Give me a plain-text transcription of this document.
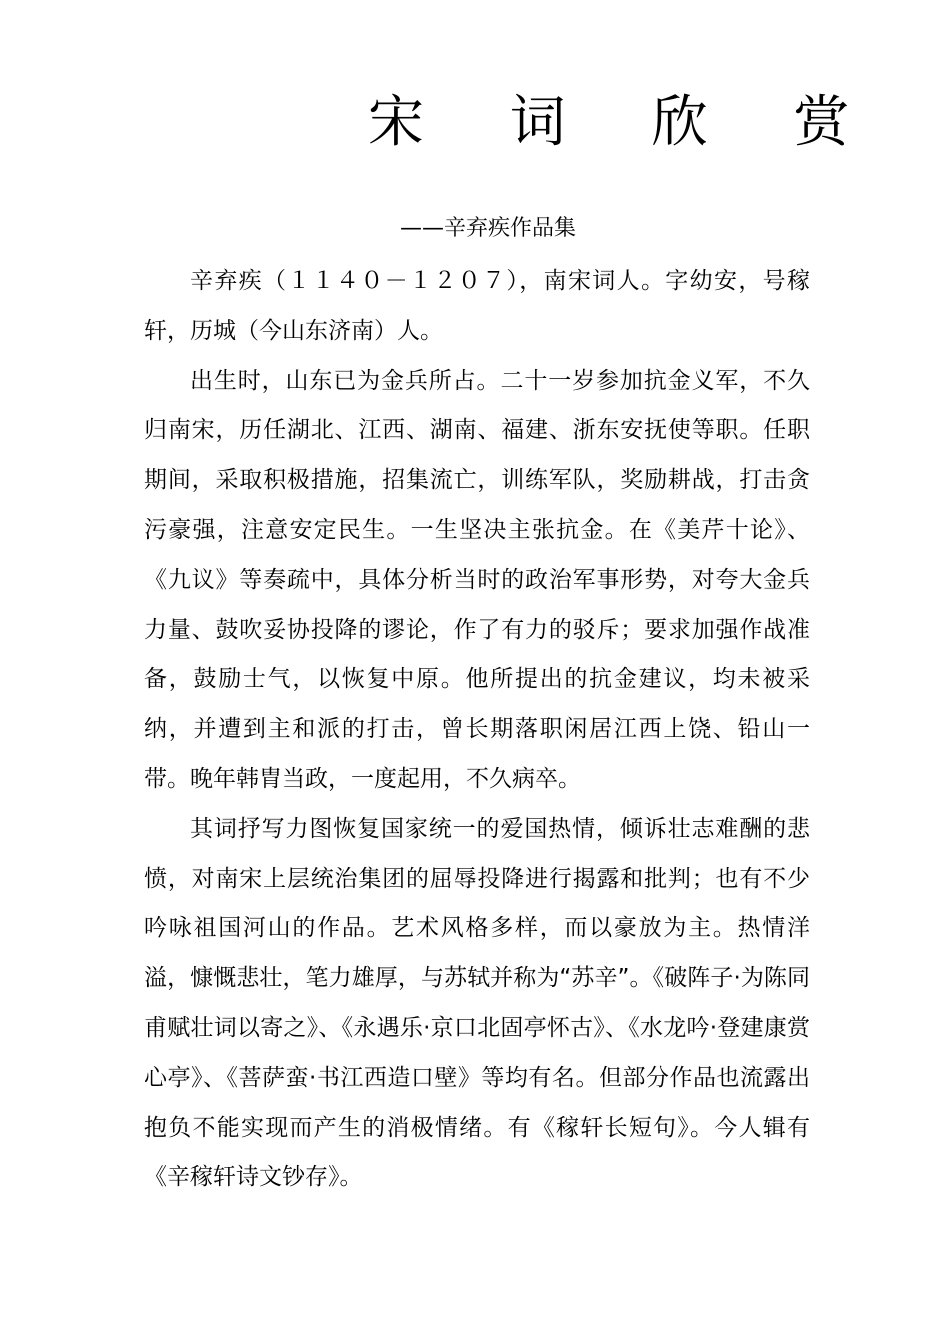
宋 词 欣 赏
——辛弃疾作品集

辛弃疾（１１４０－１２０７），南宋词人。字幼安，号稼轩，历城（今山东济南）人。

出生时，山东已为金兵所占。二十一岁参加抗金义军，不久归南宋，历任湖北、江西、湖南、福建、浙东安抚使等职。任职期间，采取积极措施，招集流亡，训练军队，奖励耕战，打击贪污豪强，注意安定民生。一生坚决主张抗金。在《美芹十论》、《九议》等奏疏中，具体分析当时的政治军事形势，对夸大金兵力量、鼓吹妥协投降的谬论，作了有力的驳斥；要求加强作战准备，鼓励士气，以恢复中原。他所提出的抗金建议，均未被采纳，并遭到主和派的打击，曾长期落职闲居江西上饶、铅山一带。晚年韩胄当政，一度起用，不久病卒。

其词抒写力图恢复国家统一的爱国热情，倾诉壮志难酬的悲愤，对南宋上层统治集团的屈辱投降进行揭露和批判；也有不少吟咏祖国河山的作品。艺术风格多样，而以豪放为主。热情洋溢，慷慨悲壮，笔力雄厚，与苏轼并称为“苏辛”。《破阵子·为陈同甫赋壮词以寄之》、《永遇乐·京口北固亭怀古》、《水龙吟·登建康赏心亭》、《菩萨蛮·书江西造口壁》等均有名。但部分作品也流露出抱负不能实现而产生的消极情绪。有《稼轩长短句》。今人辑有《辛稼轩诗文钞存》。
